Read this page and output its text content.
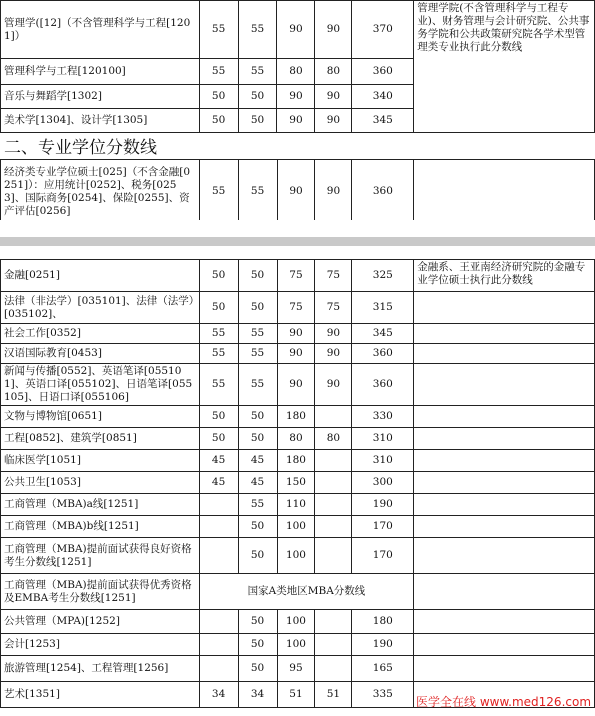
管理学([12]（不含管理科学与工程[1201]）	55	55	90	90	370	管理学院(不含管理科学与工程专业)、财务管理与会计研究院、公共事务学院和公共政策研究院各学术型管理类专业执行此分数线
管理科学与工程[120100]	55	55	80	80	360	
音乐与舞蹈学[1302]	50	50	90	90	340	
美术学[1304]、设计学[1305]	50	50	90	90	345	
二、专业学位分数线
经济类专业学位硕士[025]（不含金融[0251]）：应用统计[0252]、税务[0253]、国际商务[0254]、保险[0255]、资产评估[0256]	55	55	90	90	360	
金融[0251]	50	50	75	75	325	金融系、王亚南经济研究院的金融专业学位硕士执行此分数线
法律（非法学）[035101]、法律（法学）[035102]、	50	50	75	75	315	
社会工作[0352]	55	55	90	90	345	
汉语国际教育[0453]	55	55	90	90	360	
新闻与传播[0552]、英语笔译[055101]、英语口译[055102]、日语笔译[055105]、日语口译[055106]	55	55	90	90	360	
文物与博物馆[0651]	50	50	180		330	
工程[0852]、建筑学[0851]	50	50	80	80	310	
临床医学[1051]	45	45	180		310	
公共卫生[1053]	45	45	150		300	
工商管理（MBA)a线[1251]		55	110		190	
工商管理（MBA)b线[1251]		50	100		170	
工商管理（MBA)提前面试获得良好资格考生分数线[1251]		50	100		170	
工商管理（MBA)提前面试获得优秀资格及EMBA考生分数线[1251]	国家A类地区MBA分数线					
公共管理（MPA)[1252]		50	100		180	
会计[1253]		50	100		190	
旅游管理[1254]、工程管理[1256]		50	95		165	
艺术[1351]	34	34	51	51	335	
医学全在线 www.med126.com
